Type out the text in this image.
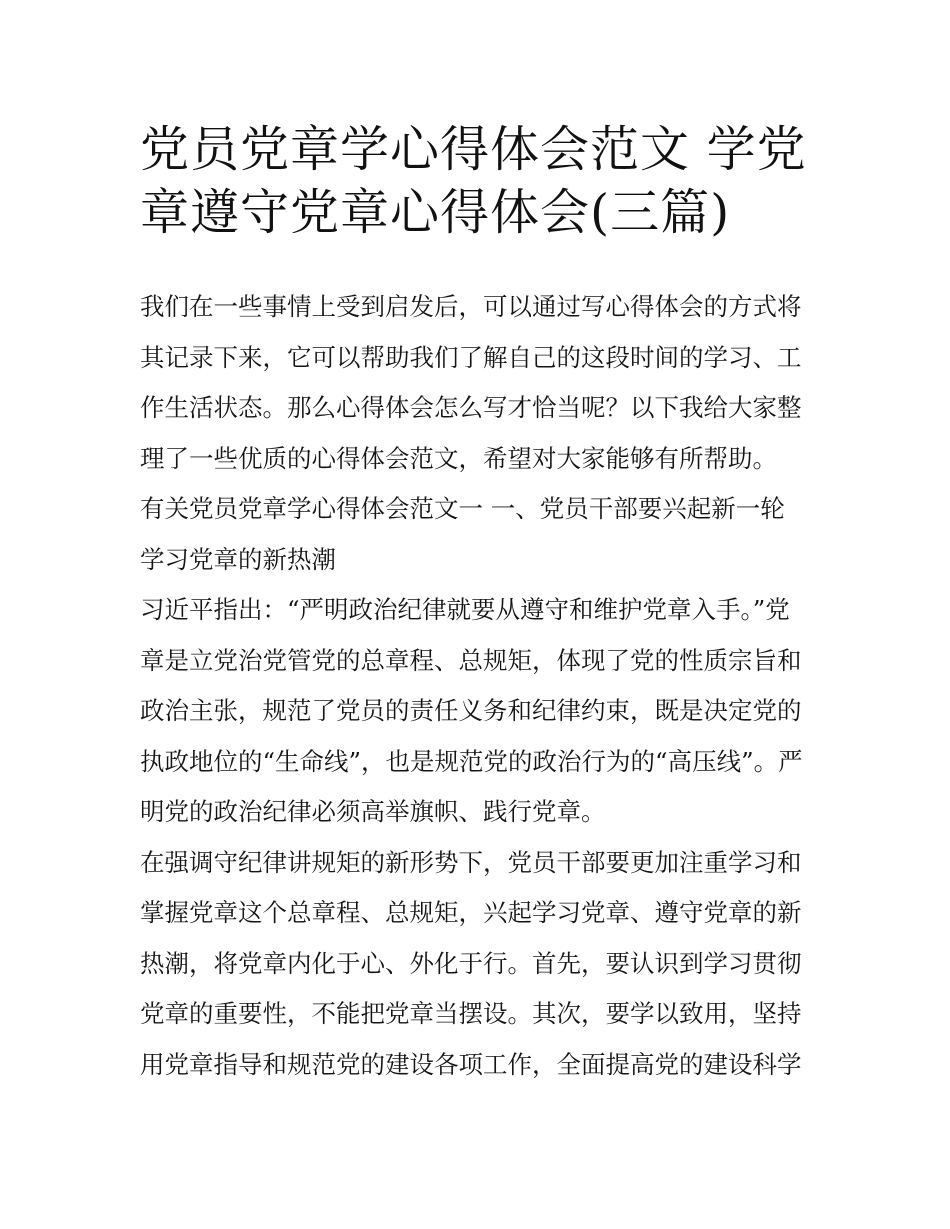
党员党章学心得体会范文 学党
章遵守党章心得体会(三篇)
我们在一些事情上受到启发后，可以通过写心得体会的方式将
其记录下来，它可以帮助我们了解自己的这段时间的学习、工
作生活状态。那么心得体会怎么写才恰当呢？以下我给大家整
理了一些优质的心得体会范文，希望对大家能够有所帮助。
有关党员党章学心得体会范文一 一、党员干部要兴起新一轮
学习党章的新热潮
习近平指出：“严明政治纪律就要从遵守和维护党章入手。”党
章是立党治党管党的总章程、总规矩，体现了党的性质宗旨和
政治主张，规范了党员的责任义务和纪律约束，既是决定党的
执政地位的“生命线”，也是规范党的政治行为的“高压线”。严
明党的政治纪律必须高举旗帜、践行党章。
在强调守纪律讲规矩的新形势下，党员干部要更加注重学习和
掌握党章这个总章程、总规矩，兴起学习党章、遵守党章的新
热潮，将党章内化于心、外化于行。首先，要认识到学习贯彻
党章的重要性，不能把党章当摆设。其次，要学以致用，坚持
用党章指导和规范党的建设各项工作，全面提高党的建设科学
